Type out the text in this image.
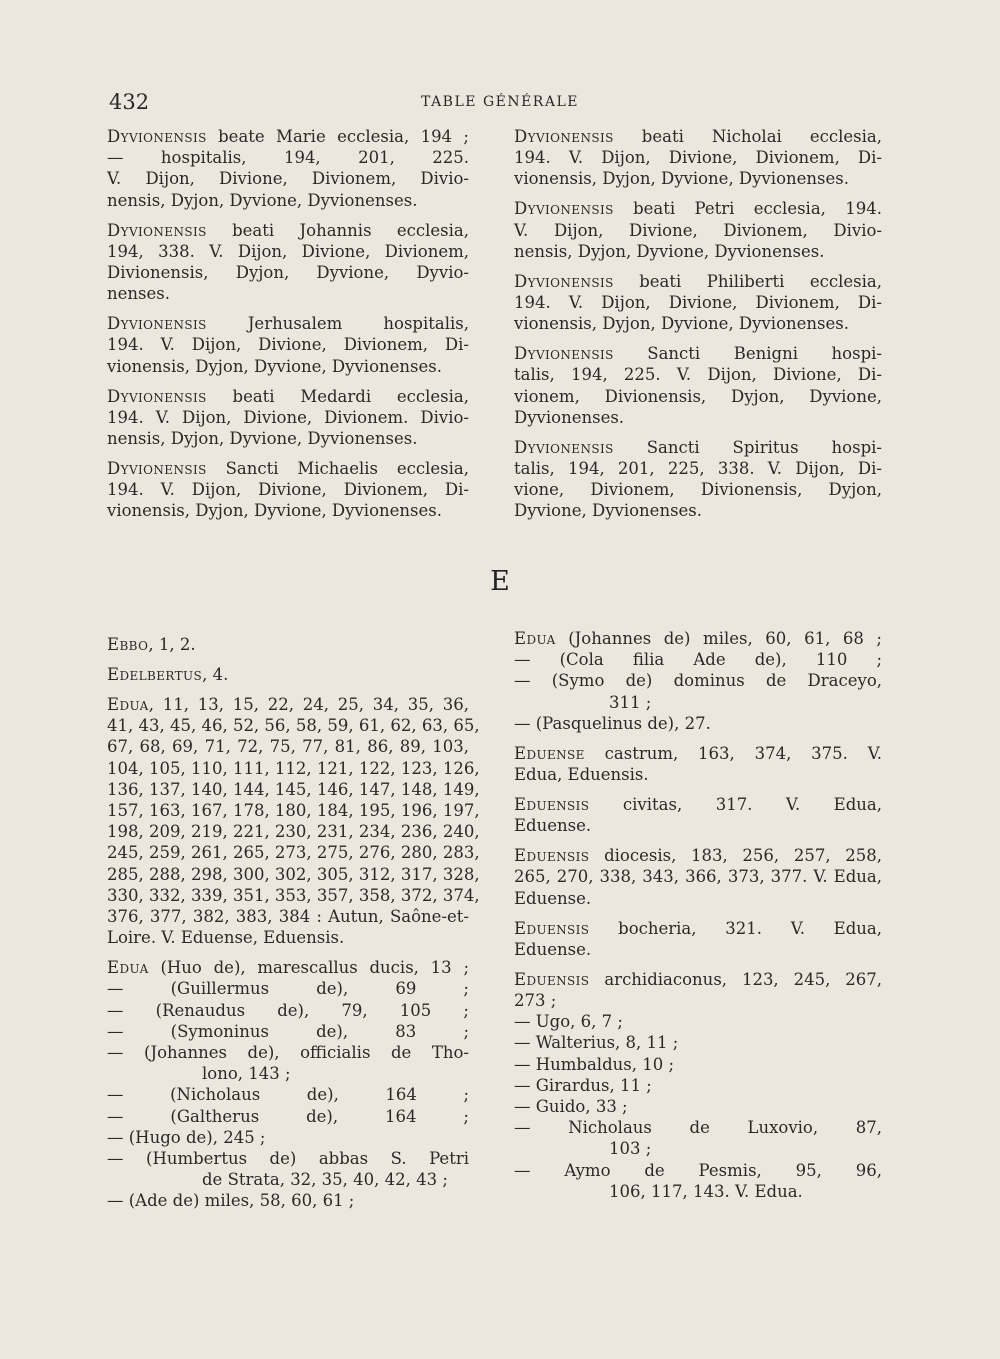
432	TABLE GÉNÉRALE
Dyvionensis beate Marie ecclesia, 194 ;
— hospitalis, 194, 201, 225.
V. Dijon, Divione, Divionem, Divio-
nensis, Dyjon, Dyvione, Dyvionenses.
Dyvionensis beati Johannis ecclesia,
194, 338. V. Dijon, Divione, Divionem,
Divionensis, Dyjon, Dyvione, Dyvio-
nenses.
Dyvionensis Jerhusalem hospitalis,
194. V. Dijon, Divione, Divionem, Di-
vionensis, Dyjon, Dyvione, Dyvionenses.
Dyvionensis beati Medardi ecclesia,
194. V. Dijon, Divione, Divionem. Divio-
nensis, Dyjon, Dyvione, Dyvionenses.
Dyvionensis Sancti Michaelis ecclesia,
194. V. Dijon, Divione, Divionem, Di-
vionensis, Dyjon, Dyvione, Dyvionenses.
Dyvionensis beati Nicholai ecclesia,
194. V. Dijon, Divione, Divionem, Di-
vionensis, Dyjon, Dyvione, Dyvionenses.
Dyvionensis beati Petri ecclesia, 194.
V. Dijon, Divione, Divionem, Divio-
nensis, Dyjon, Dyvione, Dyvionenses.
Dyvionensis beati Philiberti ecclesia,
194. V. Dijon, Divione, Divionem, Di-
vionensis, Dyjon, Dyvione, Dyvionenses.
Dyvionensis Sancti Benigni hospi-
talis, 194, 225. V. Dijon, Divione, Di-
vionem, Divionensis, Dyjon, Dyvione,
Dyvionenses.
Dyvionensis Sancti Spiritus hospi-
talis, 194, 201, 225, 338. V. Dijon, Di-
vione, Divionem, Divionensis, Dyjon,
Dyvione, Dyvionenses.
E
Ebbo, 1, 2.
Edelbertus, 4.
Edua, 11, 13, 15, 22, 24, 25, 34, 35, 36,
41, 43, 45, 46, 52, 56, 58, 59, 61, 62, 63, 65,
67, 68, 69, 71, 72, 75, 77, 81, 86, 89, 103,
104, 105, 110, 111, 112, 121, 122, 123, 126,
136, 137, 140, 144, 145, 146, 147, 148, 149,
157, 163, 167, 178, 180, 184, 195, 196, 197,
198, 209, 219, 221, 230, 231, 234, 236, 240,
245, 259, 261, 265, 273, 275, 276, 280, 283,
285, 288, 298, 300, 302, 305, 312, 317, 328,
330, 332, 339, 351, 353, 357, 358, 372, 374,
376, 377, 382, 383, 384 : Autun, Saône-et-
Loire. V. Eduense, Eduensis.
Edua (Huo de), marescallus ducis, 13 ;
— (Guillermus de), 69 ;
— (Renaudus de), 79, 105 ;
— (Symoninus de), 83 ;
— (Johannes de), officialis de Tho-
lono, 143 ;
— (Nicholaus de), 164 ;
— (Galtherus de), 164 ;
— (Hugo de), 245 ;
— (Humbertus de) abbas S. Petri
de Strata, 32, 35, 40, 42, 43 ;
— (Ade de) miles, 58, 60, 61 ;
Edua (Johannes de) miles, 60, 61, 68 ;
— (Cola filia Ade de), 110 ;
— (Symo de) dominus de Draceyo,
311 ;
— (Pasquelinus de), 27.
Eduense castrum, 163, 374, 375. V.
Edua, Eduensis.
Eduensis civitas, 317. V. Edua,
Eduense.
Eduensis diocesis, 183, 256, 257, 258,
265, 270, 338, 343, 366, 373, 377. V. Edua,
Eduense.
Eduensis bocheria, 321. V. Edua,
Eduense.
Eduensis archidiaconus, 123, 245, 267,
273 ;
— Ugo, 6, 7 ;
— Walterius, 8, 11 ;
— Humbaldus, 10 ;
— Girardus, 11 ;
— Guido, 33 ;
— Nicholaus de Luxovio, 87,
103 ;
— Aymo de Pesmis, 95, 96,
106, 117, 143. V. Edua.
